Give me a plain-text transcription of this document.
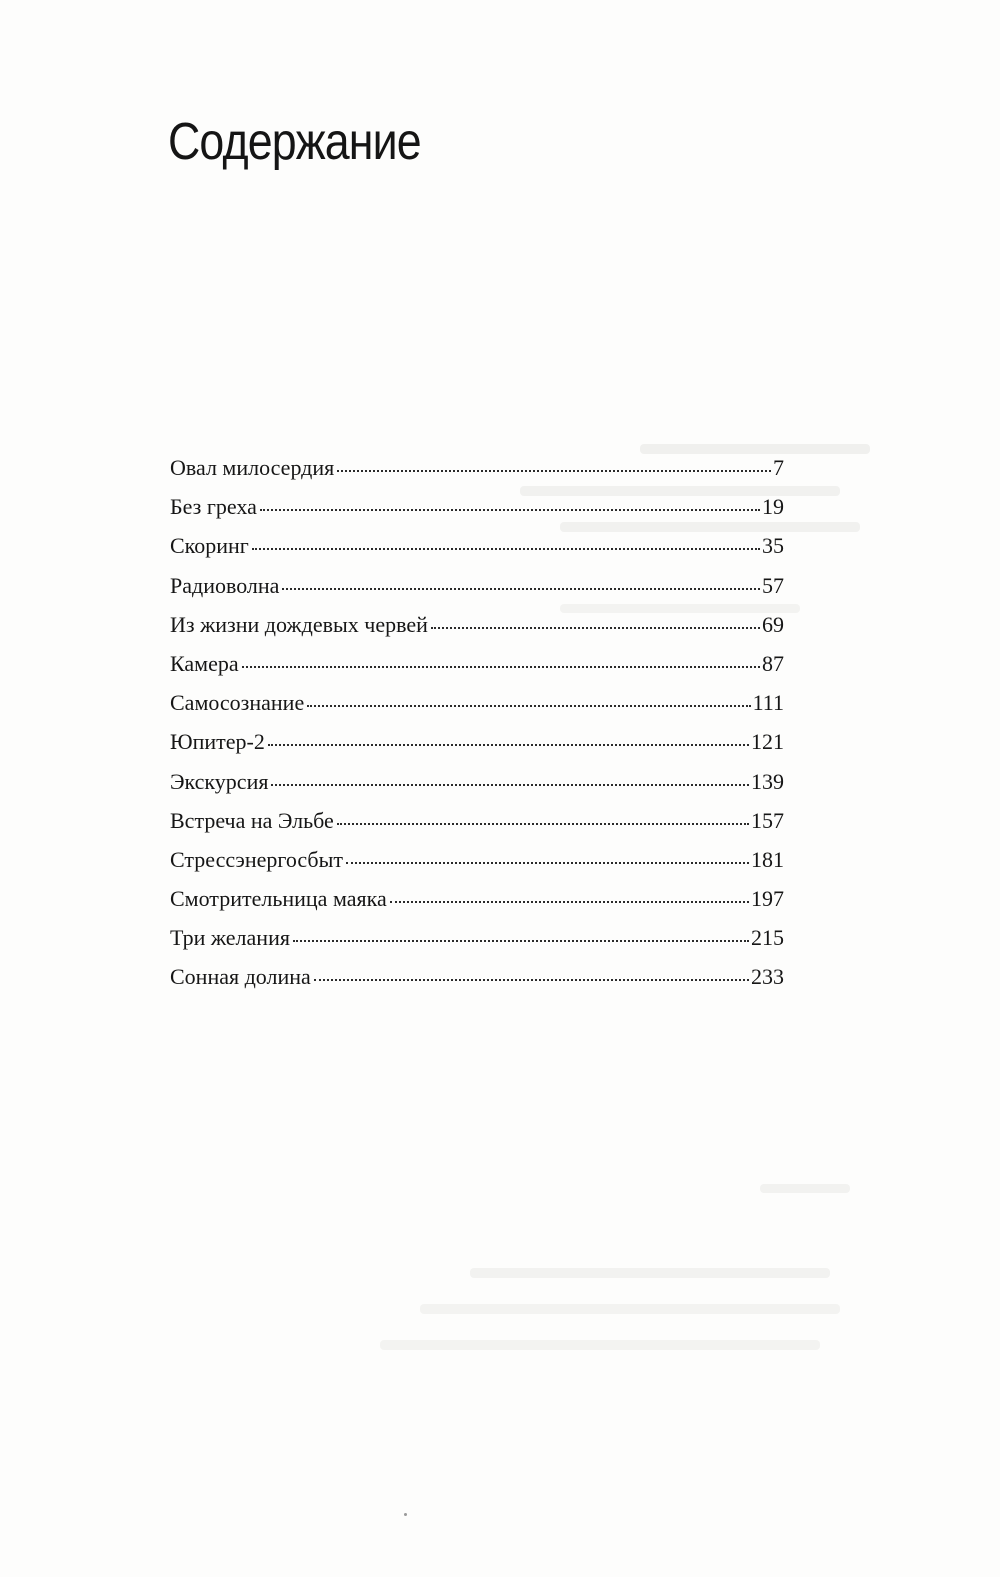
Содержание
Овал милосердия	7
Без греха	19
Скоринг	35
Радиоволна	57
Из жизни дождевых червей	69
Камера	87
Самосознание	111
Юпитер-2	121
Экскурсия	139
Встреча на Эльбе	157
Стрессэнергосбыт	181
Смотрительница маяка	197
Три желания	215
Сонная долина	233
